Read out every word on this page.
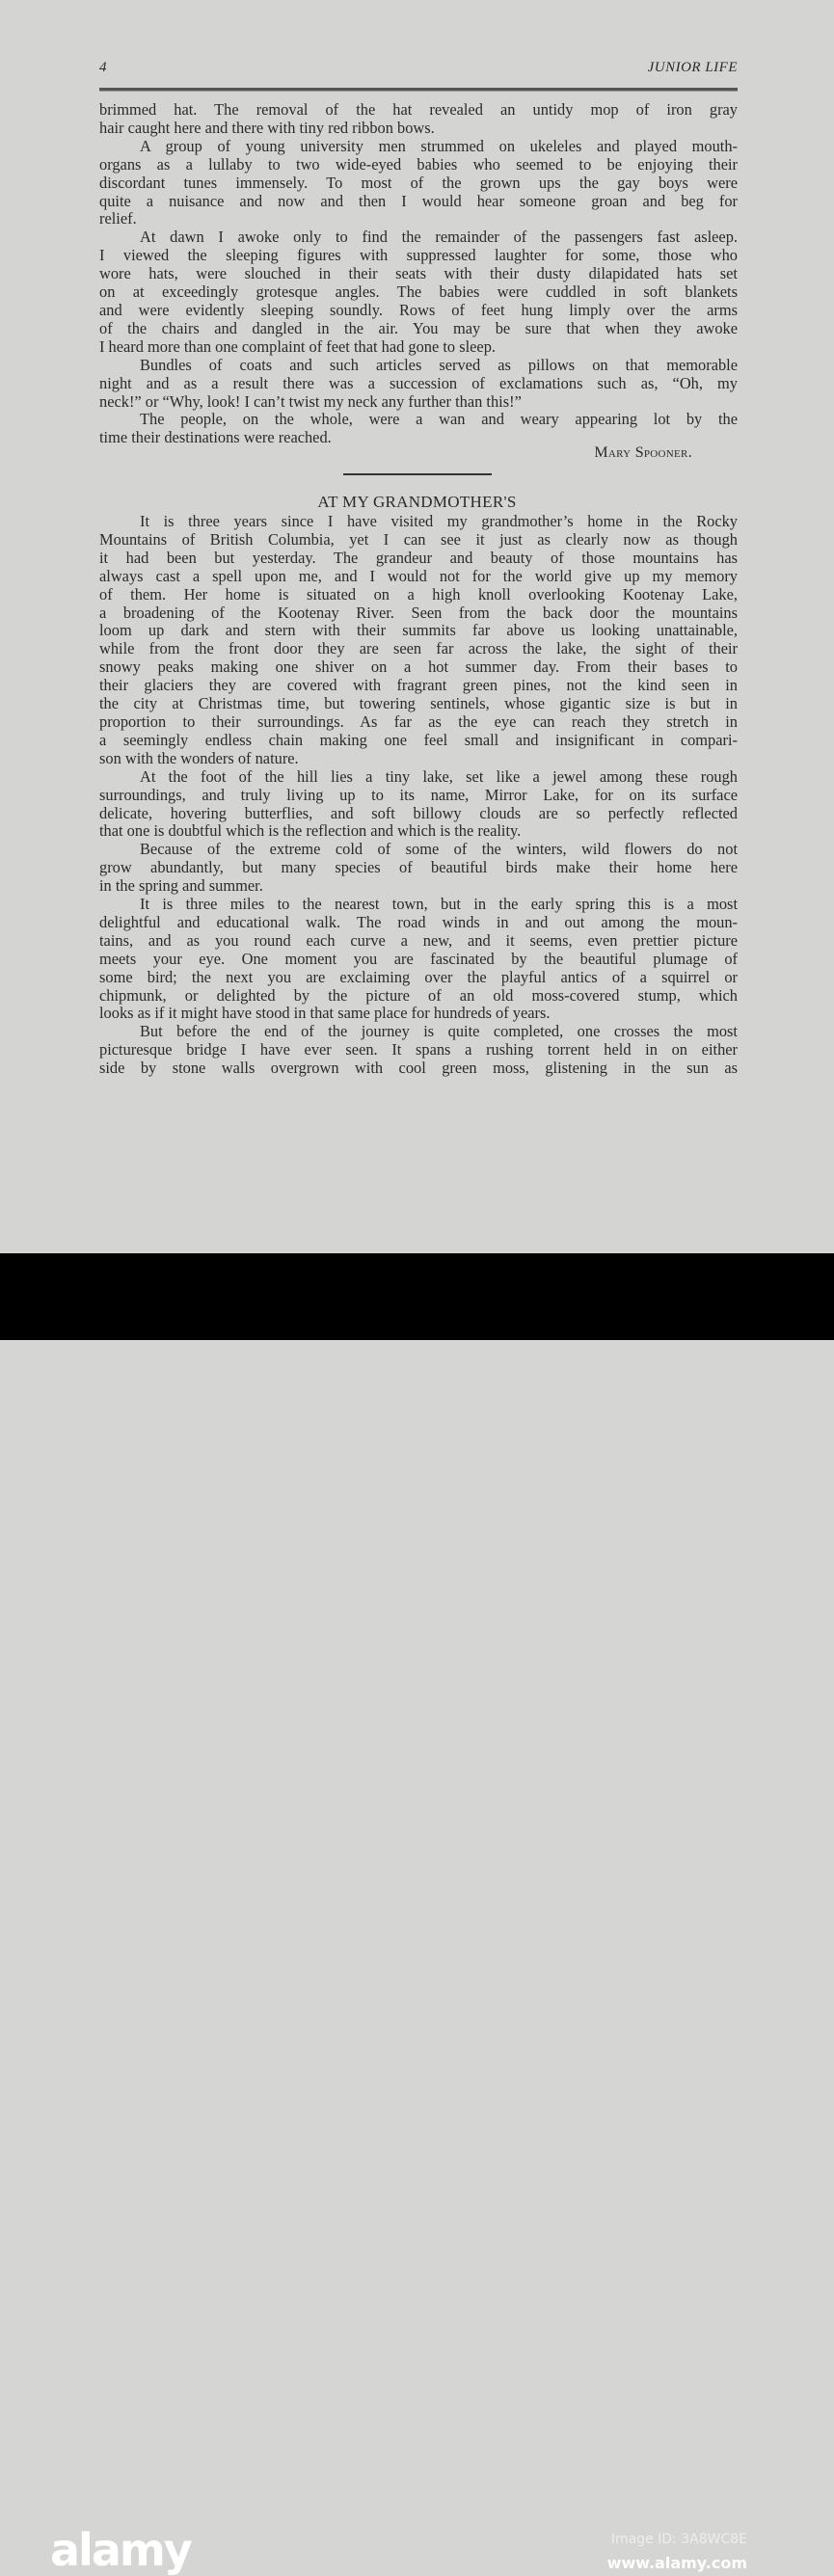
4	JUNIOR LIFE
brimmed hat. The removal of the hat revealed an untidy mop of iron gray
hair caught here and there with tiny red ribbon bows.
A group of young university men strummed on ukeleles and played mouth-
organs as a lullaby to two wide-eyed babies who seemed to be enjoying their
discordant tunes immensely. To most of the grown ups the gay boys were
quite a nuisance and now and then I would hear someone groan and beg for
relief.
At dawn I awoke only to find the remainder of the passengers fast asleep.
I viewed the sleeping figures with suppressed laughter for some, those who
wore hats, were slouched in their seats with their dusty dilapidated hats set
on at exceedingly grotesque angles. The babies were cuddled in soft blankets
and were evidently sleeping soundly. Rows of feet hung limply over the arms
of the chairs and dangled in the air. You may be sure that when they awoke
I heard more than one complaint of feet that had gone to sleep.
Bundles of coats and such articles served as pillows on that memorable
night and as a result there was a succession of exclamations such as, “Oh, my
neck!” or “Why, look! I can’t twist my neck any further than this!”
The people, on the whole, were a wan and weary appearing lot by the
time their destinations were reached.
Mary Spooner.
AT MY GRANDMOTHER'S
It is three years since I have visited my grandmother’s home in the Rocky
Mountains of British Columbia, yet I can see it just as clearly now as though
it had been but yesterday. The grandeur and beauty of those mountains has
always cast a spell upon me, and I would not for the world give up my memory
of them. Her home is situated on a high knoll overlooking Kootenay Lake,
a broadening of the Kootenay River. Seen from the back door the mountains
loom up dark and stern with their summits far above us looking unattainable,
while from the front door they are seen far across the lake, the sight of their
snowy peaks making one shiver on a hot summer day. From their bases to
their glaciers they are covered with fragrant green pines, not the kind seen in
the city at Christmas time, but towering sentinels, whose gigantic size is but in
proportion to their surroundings. As far as the eye can reach they stretch in
a seemingly endless chain making one feel small and insignificant in compari-
son with the wonders of nature.
At the foot of the hill lies a tiny lake, set like a jewel among these rough
surroundings, and truly living up to its name, Mirror Lake, for on its surface
delicate, hovering butterflies, and soft billowy clouds are so perfectly reflected
that one is doubtful which is the reflection and which is the reality.
Because of the extreme cold of some of the winters, wild flowers do not
grow abundantly, but many species of beautiful birds make their home here
in the spring and summer.
It is three miles to the nearest town, but in the early spring this is a most
delightful and educational walk. The road winds in and out among the moun-
tains, and as you round each curve a new, and it seems, even prettier picture
meets your eye. One moment you are fascinated by the beautiful plumage of
some bird; the next you are exclaiming over the playful antics of a squirrel or
chipmunk, or delighted by the picture of an old moss-covered stump, which
looks as if it might have stood in that same place for hundreds of years.
But before the end of the journey is quite completed, one crosses the most
picturesque bridge I have ever seen. It spans a rushing torrent held in on either
side by stone walls overgrown with cool green moss, glistening in the sun as
alamy	Image ID: 3A8WC8E
www.alamy.com
